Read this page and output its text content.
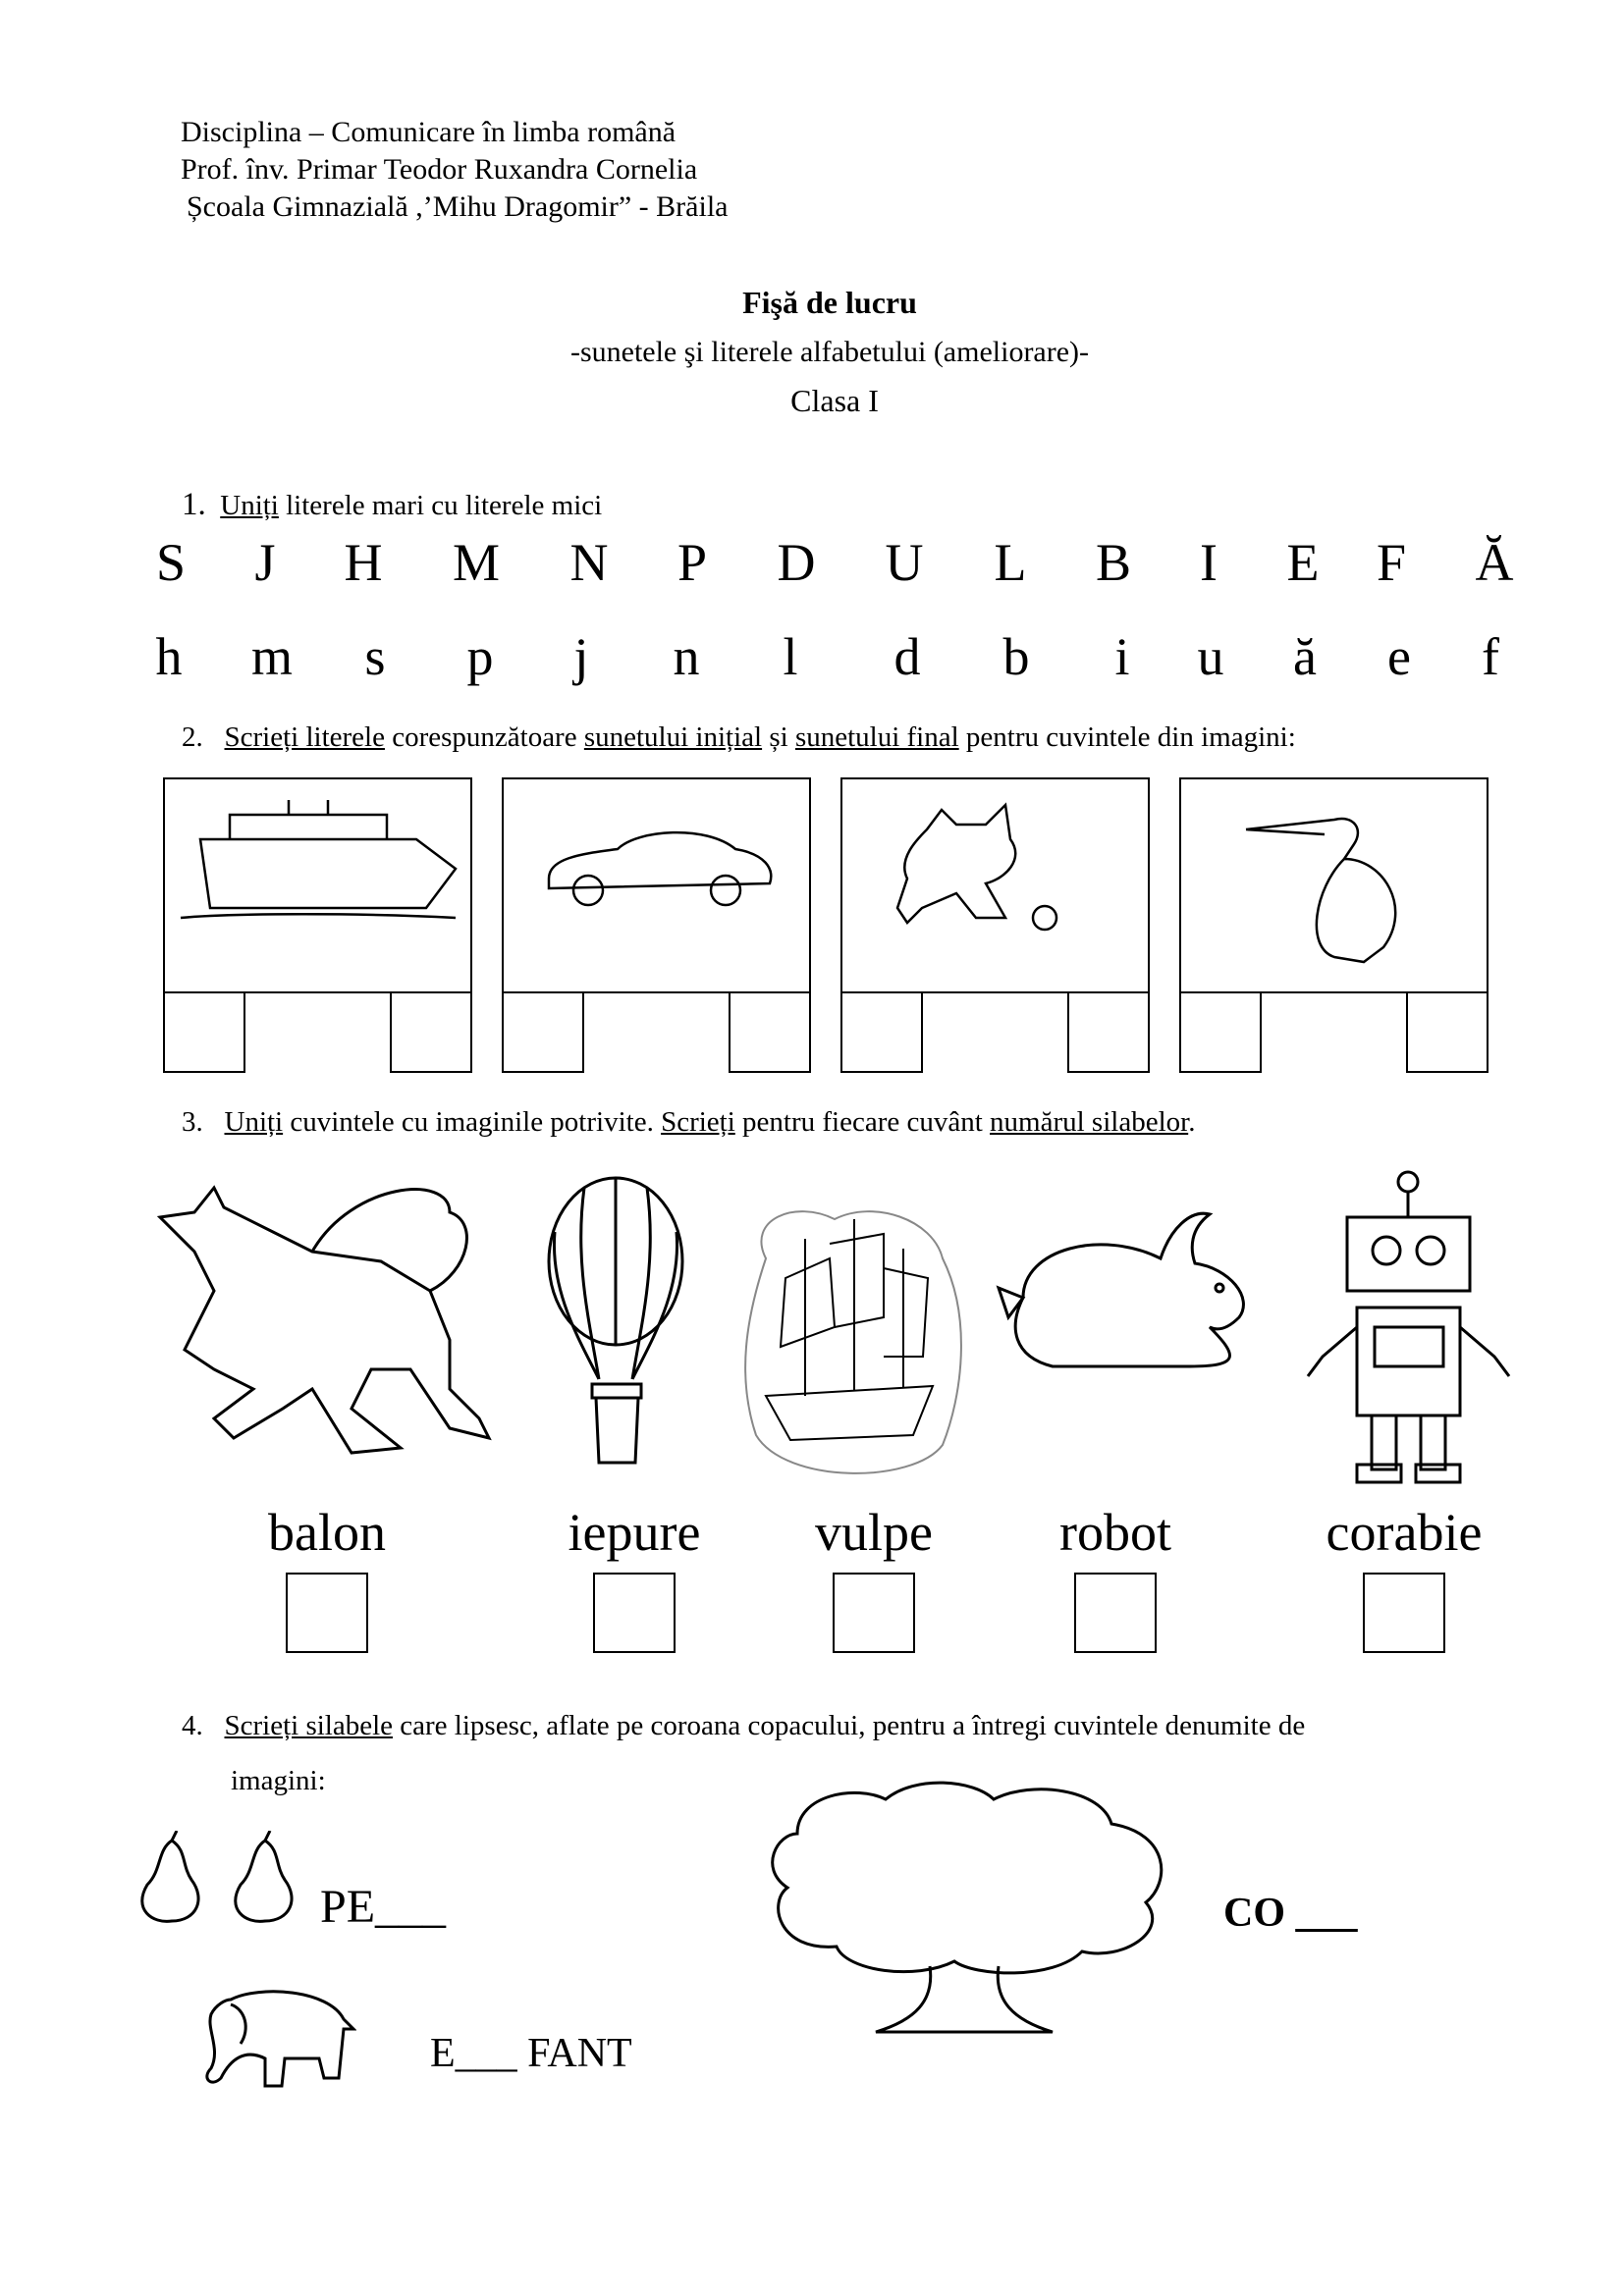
Disciplina – Comunicare în limba română
Prof. înv. Primar Teodor Ruxandra Cornelia
Școala Gimnazială ,’Mihu Dragomir” - Brăila
Fişă de lucru
-sunetele şi literele alfabetului (ameliorare)-
Clasa I
1. Uniți literele mari cu literele mici
2. Scrieți literele corespunzătoare sunetului inițial și sunetului final pentru cuvintele din imagini:
3. Uniți cuvintele cu imaginile potrivite. Scrieți pentru fiecare cuvânt numărul silabelor.
4. Scrieți silabele care lipsesc, aflate pe coroana copacului, pentru a întregi cuvintele denumite de
imagini:
PE___	CO ___
E___ FANT
S J H M N P D U L B I E F Ă
h m s p j n l d b i u ă e f
balon	iepure vulpe robot	corabie
